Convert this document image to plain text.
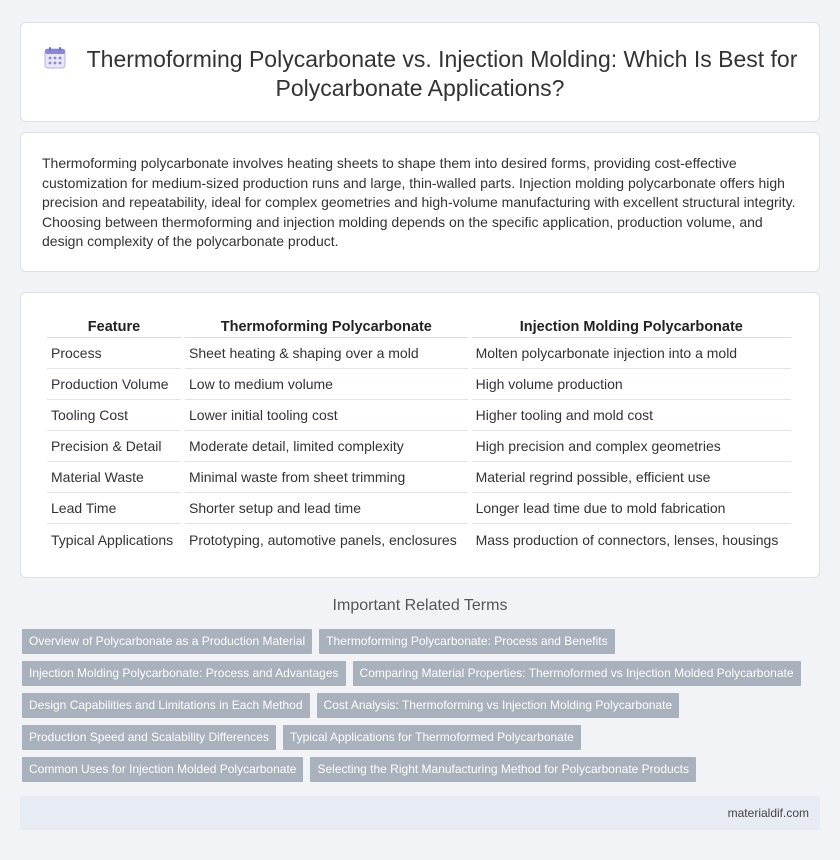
Thermoforming Polycarbonate vs. Injection Molding: Which Is Best for Polycarbonate Applications?

Thermoforming polycarbonate involves heating sheets to shape them into desired forms, providing cost-effective customization for medium-sized production runs and large, thin-walled parts. Injection molding polycarbonate offers high precision and repeatability, ideal for complex geometries and high-volume manufacturing with excellent structural integrity. Choosing between thermoforming and injection molding depends on the specific application, production volume, and design complexity of the polycarbonate product.

Feature	Thermoforming Polycarbonate	Injection Molding Polycarbonate
Process	Sheet heating & shaping over a mold	Molten polycarbonate injection into a mold
Production Volume	Low to medium volume	High volume production
Tooling Cost	Lower initial tooling cost	Higher tooling and mold cost
Precision & Detail	Moderate detail, limited complexity	High precision and complex geometries
Material Waste	Minimal waste from sheet trimming	Material regrind possible, efficient use
Lead Time	Shorter setup and lead time	Longer lead time due to mold fabrication
Typical Applications	Prototyping, automotive panels, enclosures	Mass production of connectors, lenses, housings
Important Related Terms
Overview of Polycarbonate as a Production Material	Thermoforming Polycarbonate: Process and Benefits
Injection Molding Polycarbonate: Process and Advantages	Comparing Material Properties: Thermoformed vs Injection Molded Polycarbonate
Design Capabilities and Limitations in Each Method	Cost Analysis: Thermoforming vs Injection Molding Polycarbonate
Production Speed and Scalability Differences	Typical Applications for Thermoformed Polycarbonate
Common Uses for Injection Molded Polycarbonate	Selecting the Right Manufacturing Method for Polycarbonate Products
materialdif.com
